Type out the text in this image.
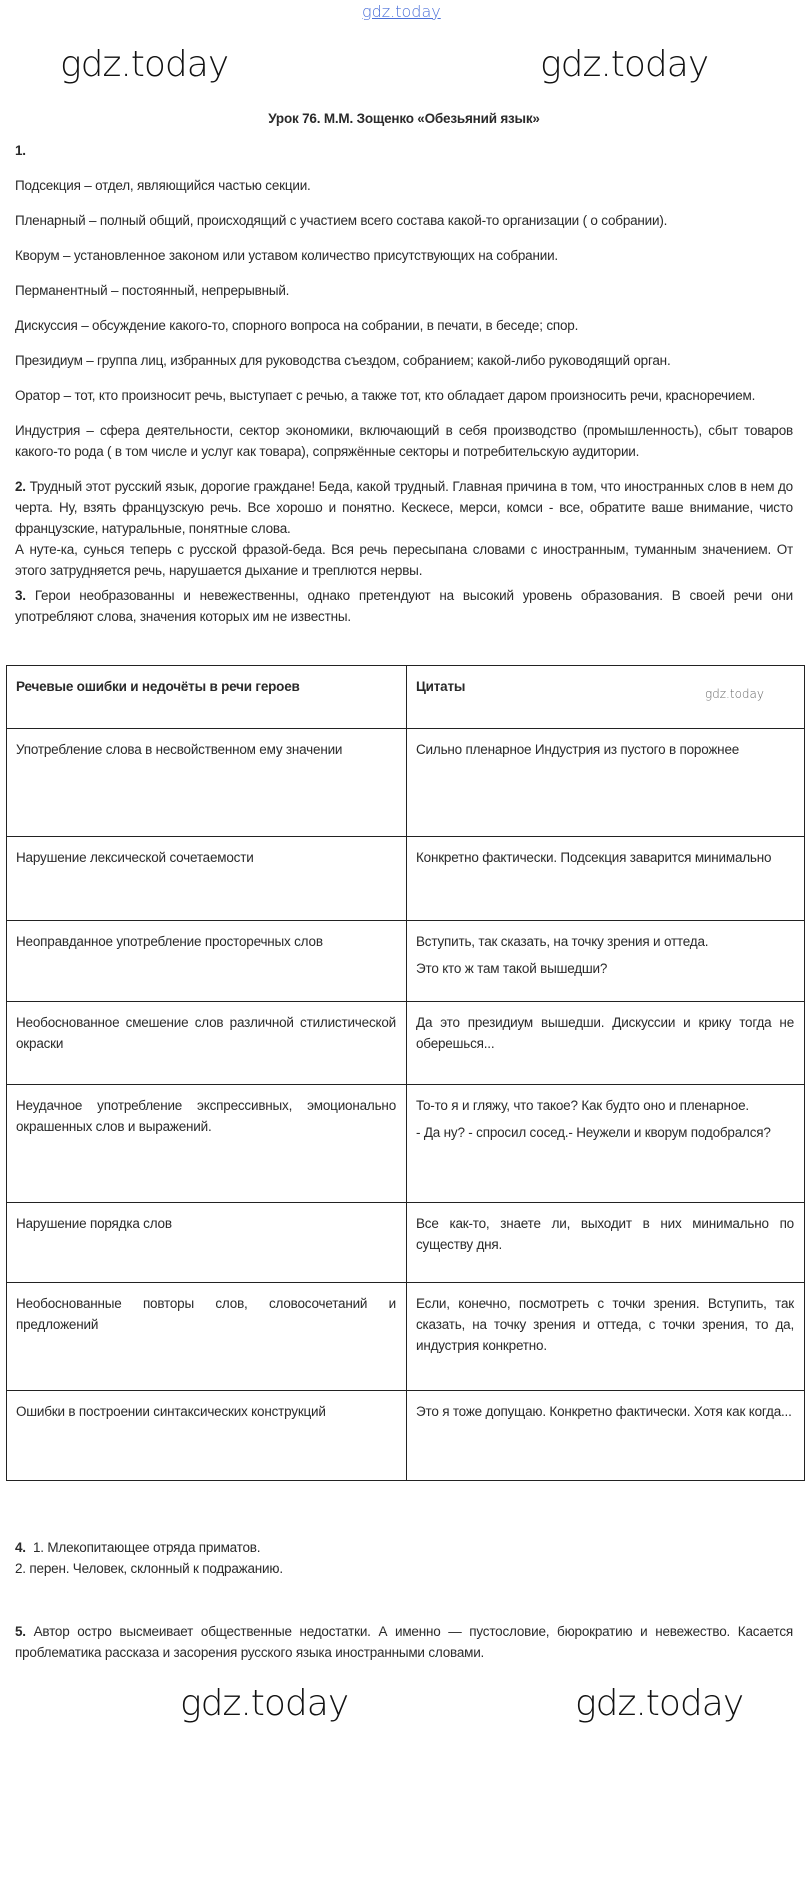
gdz.today
gdz.today	gdz.today
Урок 76. М.М. Зощенко «Обезьяний язык»
1.

Подсекция – отдел, являющийся частью секции.

Пленарный – полный общий, происходящий с участием всего состава какой-то организации ( о собрании).

Кворум – установленное законом или уставом количество присутствующих на собрании.

Перманентный – постоянный, непрерывный.

Дискуссия – обсуждение какого-то, спорного вопроса на собрании, в печати, в беседе; спор.

Президиум – группа лиц, избранных для руководства съездом, собранием; какой-либо руководящий орган.

Оратор – тот, кто произносит речь, выступает с речью, а также тот, кто обладает даром произносить речи, красноречием.

Индустрия – сфера деятельности, сектор экономики, включающий в себя производство (промышленность), сбыт товаров какого-то рода ( в том числе и услуг как товара), сопряжённые секторы и потребительскую аудитории.

2. Трудный этот русский язык, дорогие граждане! Беда, какой трудный. Главная причина в том, что иностранных слов в нем до черта. Ну, взять французскую речь. Все хорошо и понятно. Кескесе, мерси, комси - все, обратите ваше внимание, чисто французские, натуральные, понятные слова.

А нуте-ка, сунься теперь с русской фразой-беда. Вся речь пересыпана словами с иностранным, туманным значением. От этого затрудняется речь, нарушается дыхание и треплются нервы.

3. Герои необразованны и невежественны, однако претендуют на высокий уровень образования. В своей речи они употребляют слова, значения которых им не известны.

Речевые ошибки и недочёты в речи героев	Цитаты gdz.today

Употребление слова в несвойственном ему значении	Сильно пленарное Индустрия из пустого в порожнее

Нарушение лексической сочетаемости	Конкретно фактически. Подсекция заварится минимально

Неоправданное употребление просторечных слов	Вступить, так сказать, на точку зрения и оттеда.

Это кто ж там такой вышедши?

Необоснованное смешение слов различной стилистической окраски	Да это президиум вышедши. Дискуссии и крику тогда не оберешься...

Неудачное употребление экспрессивных, эмоционально окрашенных слов и выражений.	То-то я и гляжу, что такое? Как будто оно и пленарное.

- Да ну? - спросил сосед.- Неужели и кворум подобрался?

Нарушение порядка слов	Все как-то, знаете ли, выходит в них минимально по существу дня.

Необоснованные повторы слов, словосочетаний и предложений	Если, конечно, посмотреть с точки зрения. Вступить, так сказать, на точку зрения и оттеда, с точки зрения, то да, индустрия конкретно.

Ошибки в построении синтаксических конструкций	Это я тоже допущаю. Конкретно фактически. Хотя как когда...

4. 1. Млекопитающее отряда приматов.

2. перен. Человек, склонный к подражанию.

5. Автор остро высмеивает общественные недостатки. А именно — пустословие, бюрократию и невежество. Касается проблематика рассказа и засорения русского языка иностранными словами.

gdz.today	gdz.today
